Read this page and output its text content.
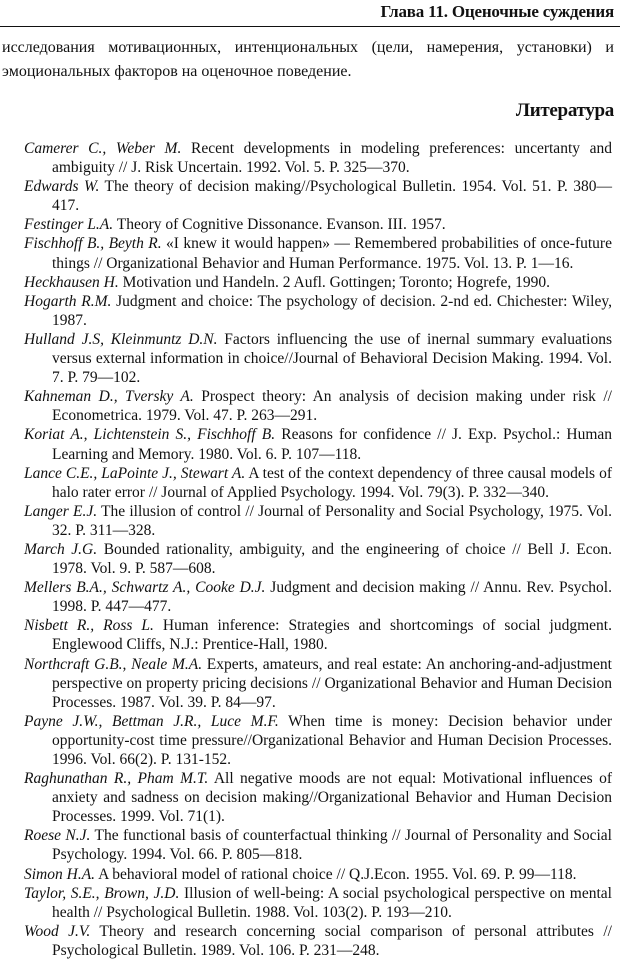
Глава 11. Оценочные суждения
исследования мотивационных, интенциональных (цели, намерения, установки) и эмоциональных факторов на оценочное поведение.
Литература

Camerer C., Weber M. Recent developments in modeling preferences: uncertanty and ambiguity // J. Risk Uncertain. 1992. Vol. 5. P. 325—370.

Edwards W. The theory of decision making//Psychological Bulletin. 1954. Vol. 51. P. 380—417.

Festinger L.A. Theory of Cognitive Dissonance. Evanson. III. 1957.

Fischhoff B., Beyth R. «I knew it would happen» — Remembered probabilities of once-future things // Organizational Behavior and Human Performance. 1975. Vol. 13. P. 1—16.

Heckhausen H. Motivation und Handeln. 2 Aufl. Gottingen; Toronto; Hogrefe, 1990.

Hogarth R.M. Judgment and choice: The psychology of decision. 2-nd ed. Chichester: Wiley, 1987.

Hulland J.S, Kleinmuntz D.N. Factors influencing the use of inernal summary evaluations versus external information in choice//Journal of Behavioral Decision Making. 1994. Vol. 7. P. 79—102.

Kahneman D., Tversky A. Prospect theory: An analysis of decision making under risk // Econometrica. 1979. Vol. 47. P. 263—291.

Koriat A., Lichtenstein S., Fischhoff B. Reasons for confidence // J. Exp. Psychol.: Human Learning and Memory. 1980. Vol. 6. P. 107—118.

Lance C.E., LaPointe J., Stewart A. A test of the context dependency of three causal models of halo rater error // Journal of Applied Psychology. 1994. Vol. 79(3). P. 332—340.

Langer E.J. The illusion of control // Journal of Personality and Social Psychology, 1975. Vol. 32. P. 311—328.

March J.G. Bounded rationality, ambiguity, and the engineering of choice // Bell J. Econ. 1978. Vol. 9. P. 587—608.

Mellers B.A., Schwartz A., Cooke D.J. Judgment and decision making // Annu. Rev. Psychol. 1998. P. 447—477.

Nisbett R., Ross L. Human inference: Strategies and shortcomings of social judgment. Englewood Cliffs, N.J.: Prentice-Hall, 1980.

Northcraft G.B., Neale M.A. Experts, amateurs, and real estate: An anchoring-and-adjustment perspective on property pricing decisions // Organizational Behavior and Human Decision Processes. 1987. Vol. 39. P. 84—97.

Payne J.W., Bettman J.R., Luce M.F. When time is money: Decision behavior under opportunity-cost time pressure//Organizational Behavior and Human Decision Processes. 1996. Vol. 66(2). P. 131-152.

Raghunathan R., Pham M.T. All negative moods are not equal: Motivational influences of anxiety and sadness on decision making//Organizational Behavior and Human Decision Processes. 1999. Vol. 71(1).

Roese N.J. The functional basis of counterfactual thinking // Journal of Personality and Social Psychology. 1994. Vol. 66. P. 805—818.

Simon H.A. A behavioral model of rational choice // Q.J.Econ. 1955. Vol. 69. P. 99—118.

Taylor, S.E., Brown, J.D. Illusion of well-being: A social psychological perspective on mental health // Psychological Bulletin. 1988. Vol. 103(2). P. 193—210.

Wood J.V. Theory and research concerning social comparison of personal attributes // Psychological Bulletin. 1989. Vol. 106. P. 231—248.
